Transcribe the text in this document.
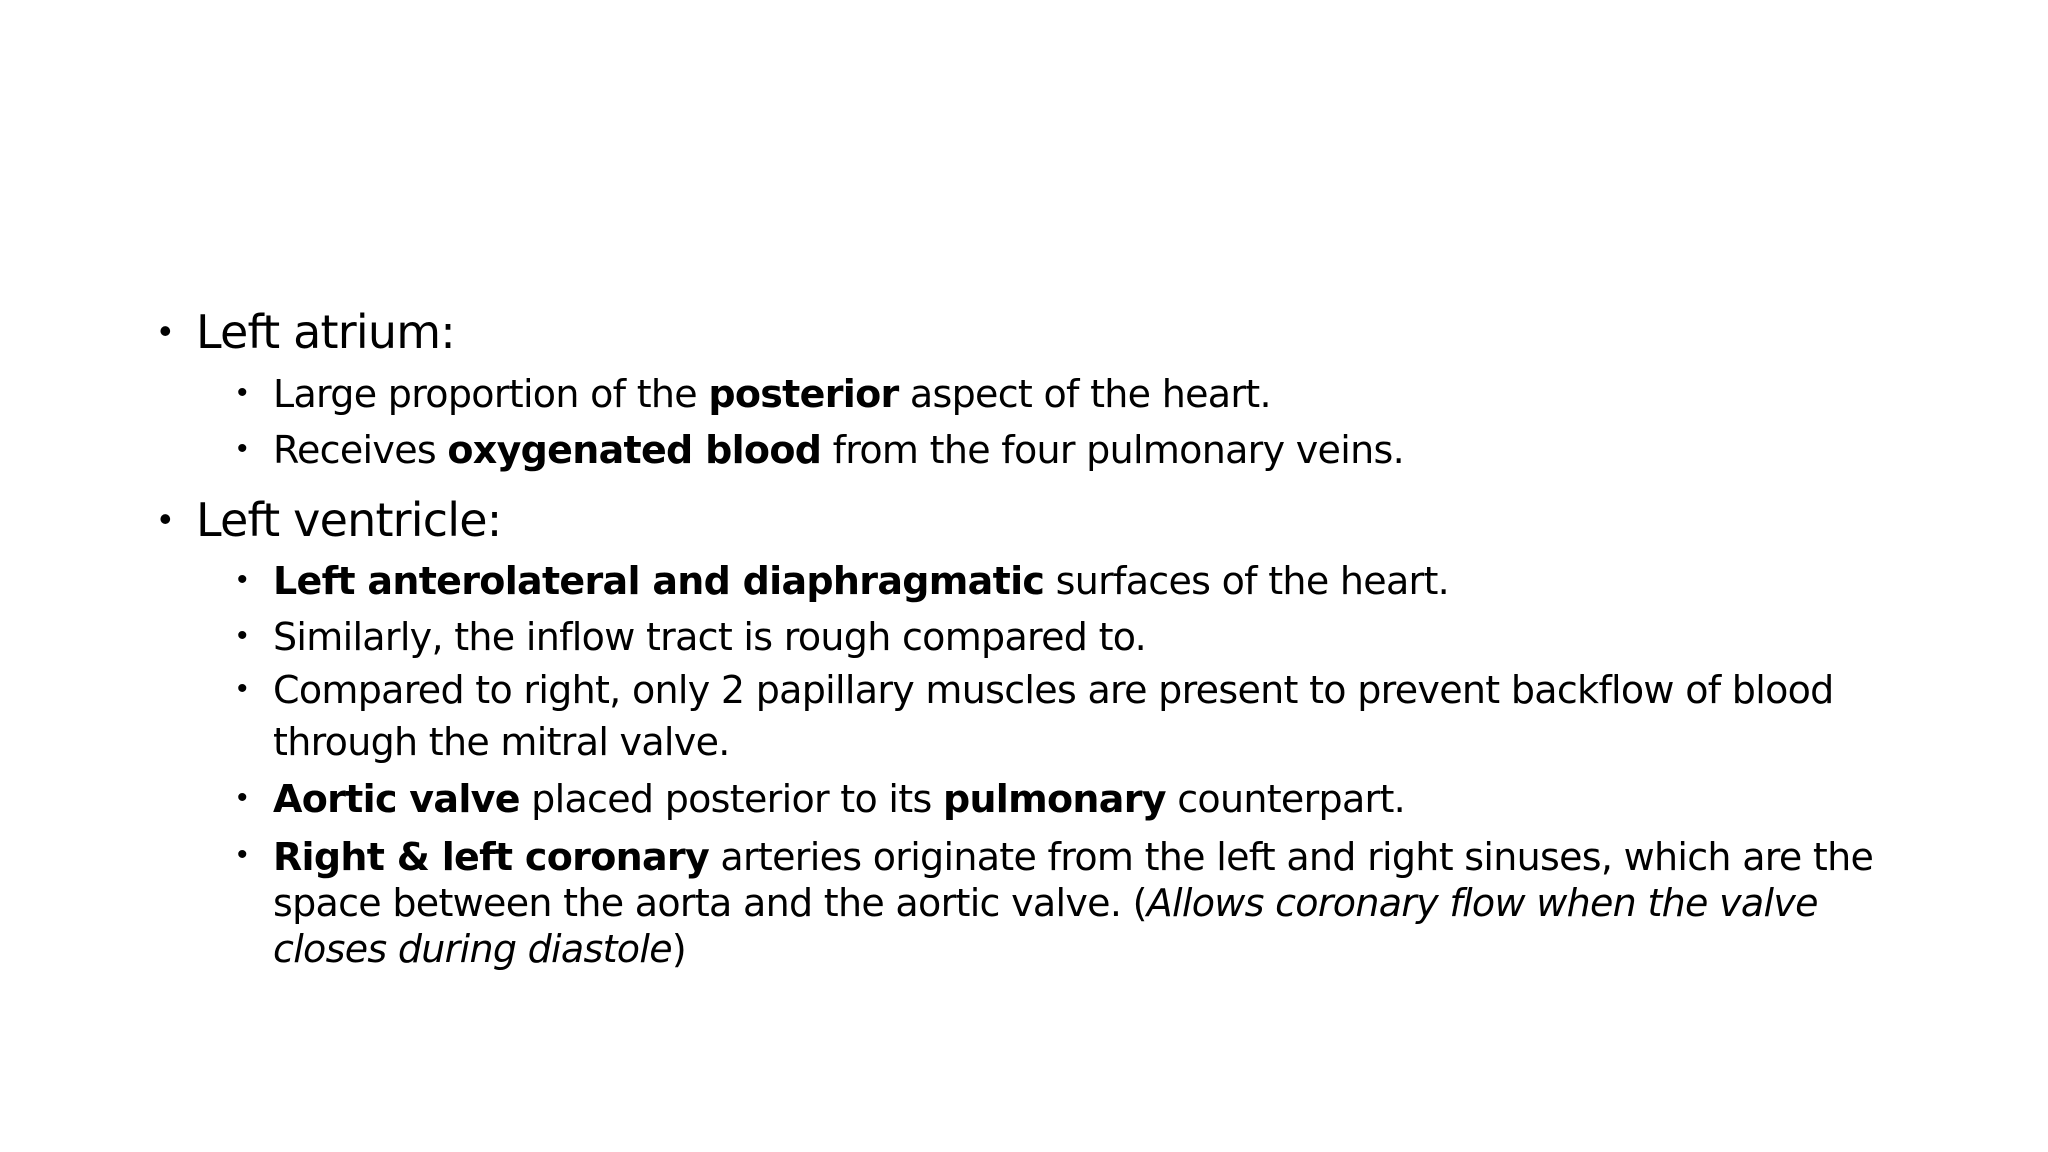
• Left atrium:
• Large proportion of the posterior aspect of the heart.
• Receives oxygenated blood from the four pulmonary veins.
• Left ventricle:
• Left anterolateral and diaphragmatic surfaces of the heart.
• Similarly, the inflow tract is rough compared to.
• Compared to right, only 2 papillary muscles are present to prevent backflow of blood through the mitral valve.
• Aortic valve placed posterior to its pulmonary counterpart.
• Right & left coronary arteries originate from the left and right sinuses, which are the space between the aorta and the aortic valve. (Allows coronary flow when the valve closes during diastole)
